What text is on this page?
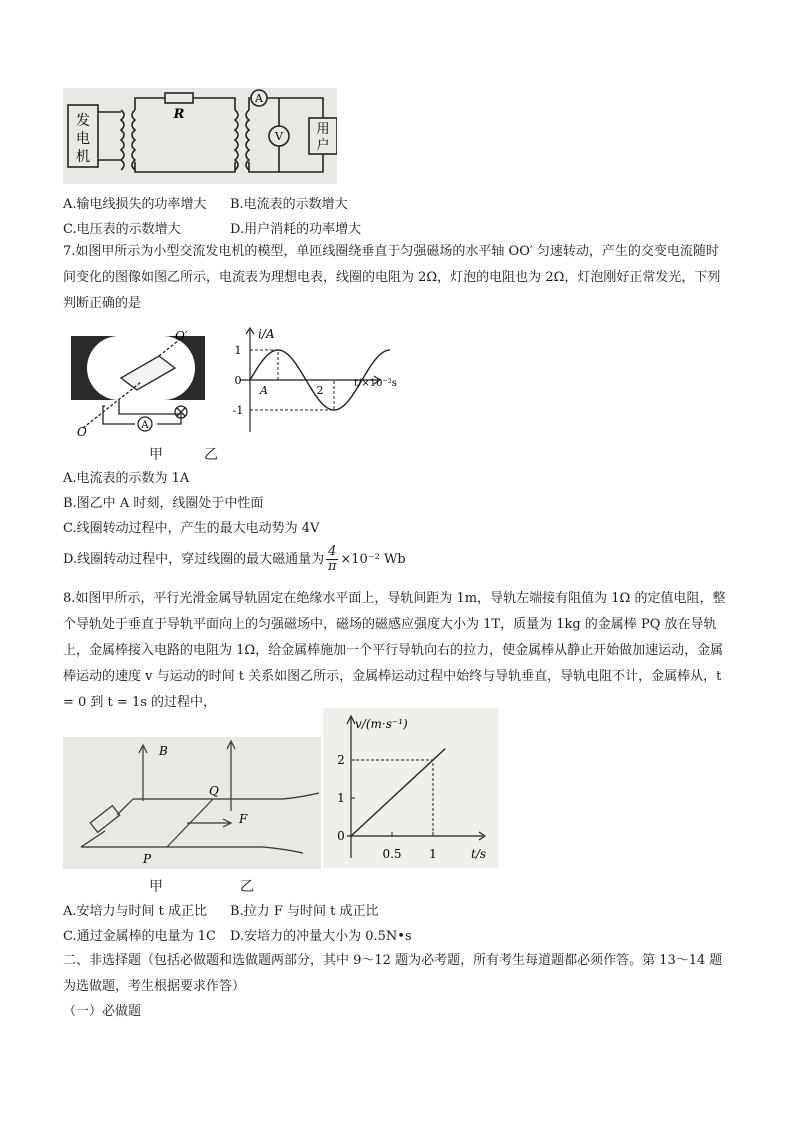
发
电
机
R
A
V	用
户
A.输电线损失的功率增大 B.电流表的示数增大
C.电压表的示数增大	D.用户消耗的功率增大
7.如图甲所示为小型交流发电机的模型，单匝线圈绕垂直于匀强磁场的水平轴 OO′ 匀速转动，产生的交变电流随时间变化的图像如图乙所示，电流表为理想电表，线圈的电阻为 2Ω，灯泡的电阻也为 2Ω，灯泡刚好正常发光，下列判断正确的是
A
O
O′	i/A
t/×10⁻²s
1
0
-1
A	2
甲	乙
A.电流表的示数为 1A
B.图乙中 A 时刻，线圈处于中性面
C.线圈转动过程中，产生的最大电动势为 4V
D.线圈转动过程中，穿过线圈的最大磁通量为 $\frac{4}{\pi} \times 10^{-2}$ Wb
8.如图甲所示，平行光滑金属导轨固定在绝缘水平面上，导轨间距为 1m，导轨左端接有阻值为 1Ω 的定值电阻，整个导轨处于垂直于导轨平面向上的匀强磁场中，磁场的磁感应强度大小为 1T，质量为 1kg 的金属棒 PQ 放在导轨上，金属棒接入电路的电阻为 1Ω，给金属棒施加一个平行导轨向右的拉力，使金属棒从静止开始做加速运动，金属棒运动的速度 v 与运动的时间 t 关系如图乙所示，金属棒运动过程中始终与导轨垂直，导轨电阻不计，金属棒从，t = 0 到 t = 1s 的过程中，
B
Q
F
P
v/(m·s⁻¹)
t/s
0
1
2
0.5 1
甲	乙
A.安培力与时间 t 成正比 B.拉力 F 与时间 t 成正比
C.通过金属棒的电量为 1C D.安培力的冲量大小为 0.5N•s
二、非选择题（包括必做题和选做题两部分，其中 9～12 题为必考题，所有考生每道题都必须作答。第 13～14 题为选做题，考生根据要求作答）
（一）必做题
